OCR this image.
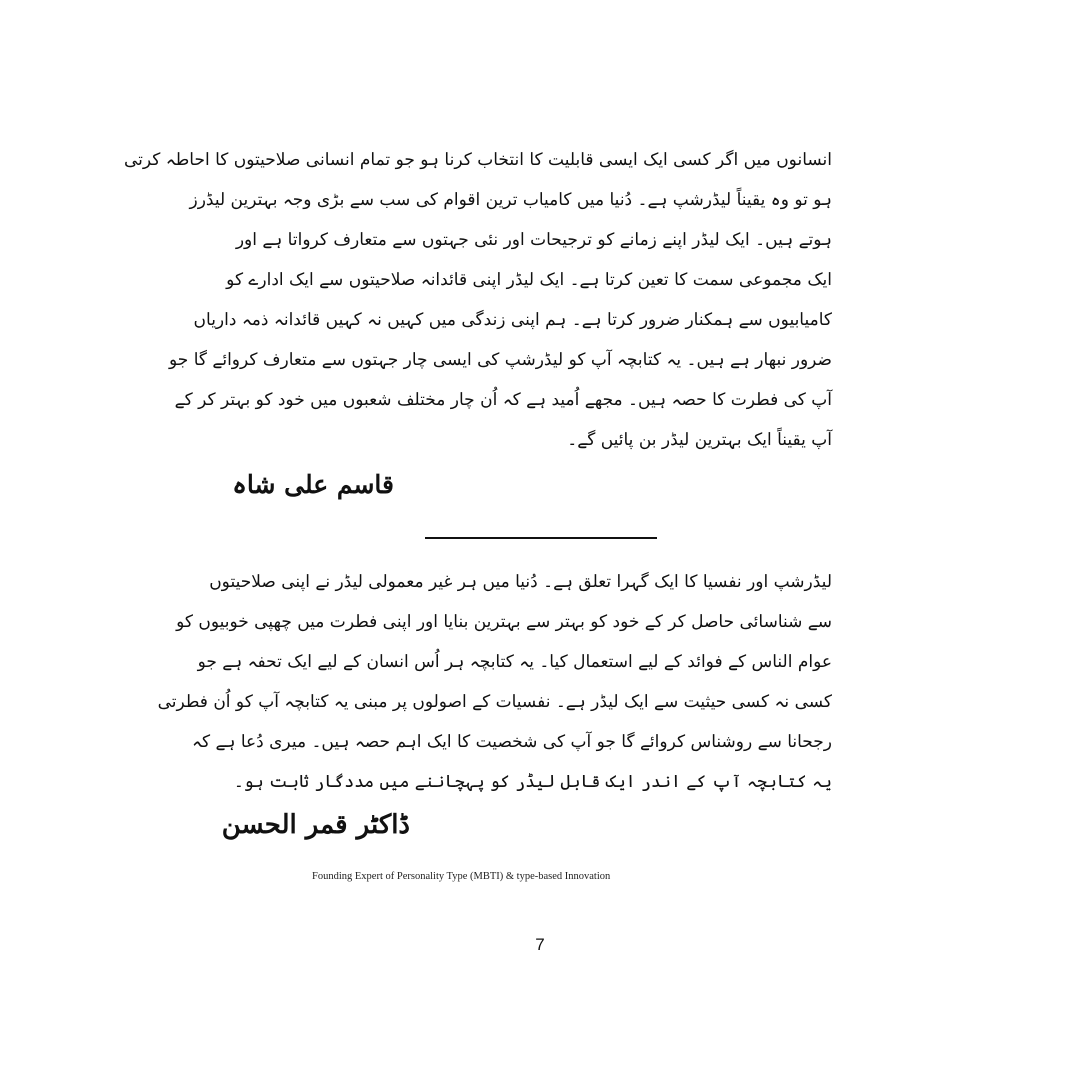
انسانوں میں اگر کسی ایک ایسی قابلیت کا انتخاب کرنا ہو جو تمام انسانی صلاحیتوں کا احاطہ کرتی
ہو تو وہ یقیناً لیڈرشپ ہے۔ دُنیا میں کامیاب ترین اقوام کی سب سے بڑی وجہ بہترین لیڈرز
ہوتے ہیں۔ ایک لیڈر اپنے زمانے کو ترجیحات اور نئی جہتوں سے متعارف کرواتا ہے اور
ایک مجموعی سمت کا تعین کرتا ہے۔ ایک لیڈر اپنی قائدانہ صلاحیتوں سے ایک ادارے کو
کامیابیوں سے ہمکنار ضرور کرتا ہے۔ ہم اپنی زندگی میں کہیں نہ کہیں قائدانہ ذمہ داریاں
ضرور نبھار ہے ہیں۔ یہ کتابچہ آپ کو لیڈرشپ کی ایسی چار جہتوں سے متعارف کروائے گا جو
آپ کی فطرت کا حصہ ہیں۔ مجھے اُمید ہے کہ اُن چار مختلف شعبوں میں خود کو بہتر کر کے
آپ یقیناً ایک بہترین لیڈر بن پائیں گے۔
قاسم علی شاہ
لیڈرشپ اور نفسیا کا ایک گہرا تعلق ہے۔ دُنیا میں ہر غیر معمولی لیڈر نے اپنی صلاحیتوں
سے شناسائی حاصل کر کے خود کو بہتر سے بہترین بنایا اور اپنی فطرت میں چھپی خوبیوں کو
عوام الناس کے فوائد کے لیے استعمال کیا۔ یہ کتابچہ ہر اُس انسان کے لیے ایک تحفہ ہے جو
کسی نہ کسی حیثیت سے ایک لیڈر ہے۔ نفسیات کے اصولوں پر مبنی یہ کتابچہ آپ کو اُن فطرتی
رجحانا سے روشناس کروائے گا جو آپ کی شخصیت کا ایک اہم حصہ ہیں۔ میری دُعا ہے کہ
یہ کتابچہ آپ کے اندر ایک قابل لیڈر کو پہچاننے میں مددگار ثابت ہو۔
ڈاکٹر قمر الحسن
Founding Expert of Personality Type (MBTI) & type-based Innovation
7
